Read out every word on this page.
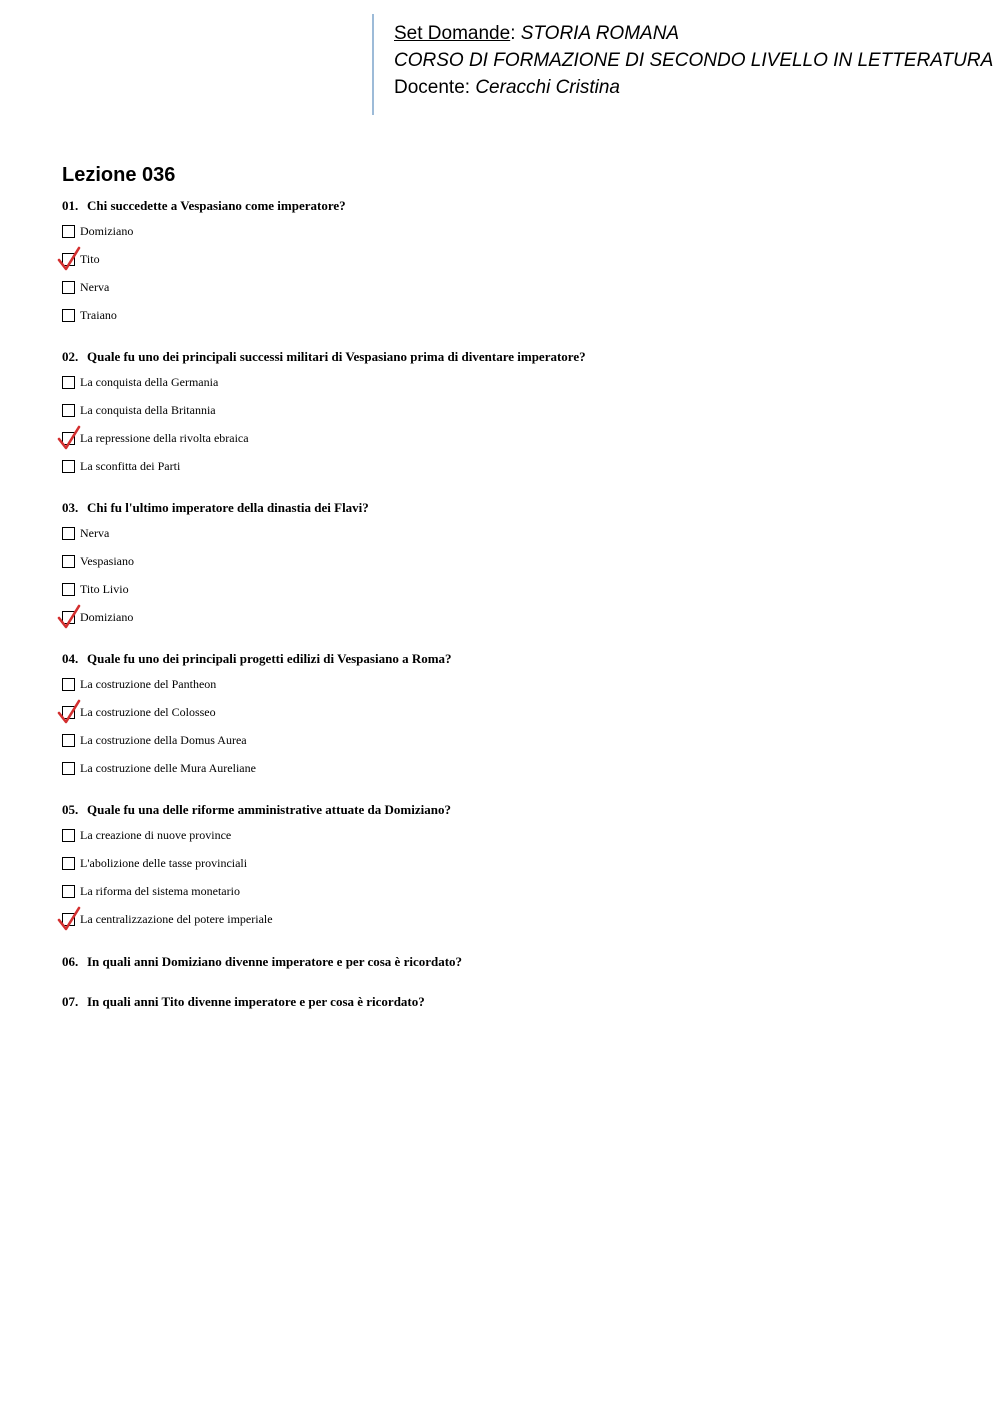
Set Domande: STORIA ROMANA
CORSO DI FORMAZIONE DI SECONDO LIVELLO IN LETTERATURA
Docente: Ceracchi Cristina
Lezione 036
01. Chi succedette a Vespasiano come imperatore?
Domiziano
Tito
Nerva
Traiano
02. Quale fu uno dei principali successi militari di Vespasiano prima di diventare imperatore?
La conquista della Germania
La conquista della Britannia
La repressione della rivolta ebraica
La sconfitta dei Parti
03. Chi fu l'ultimo imperatore della dinastia dei Flavi?
Nerva
Vespasiano
Tito Livio
Domiziano
04. Quale fu uno dei principali progetti edilizi di Vespasiano a Roma?
La costruzione del Pantheon
La costruzione del Colosseo
La costruzione della Domus Aurea
La costruzione delle Mura Aureliane
05. Quale fu una delle riforme amministrative attuate da Domiziano?
La creazione di nuove province
L'abolizione delle tasse provinciali
La riforma del sistema monetario
La centralizzazione del potere imperiale
06. In quali anni Domiziano divenne imperatore e per cosa è ricordato?
07. In quali anni Tito divenne imperatore e per cosa è ricordato?
